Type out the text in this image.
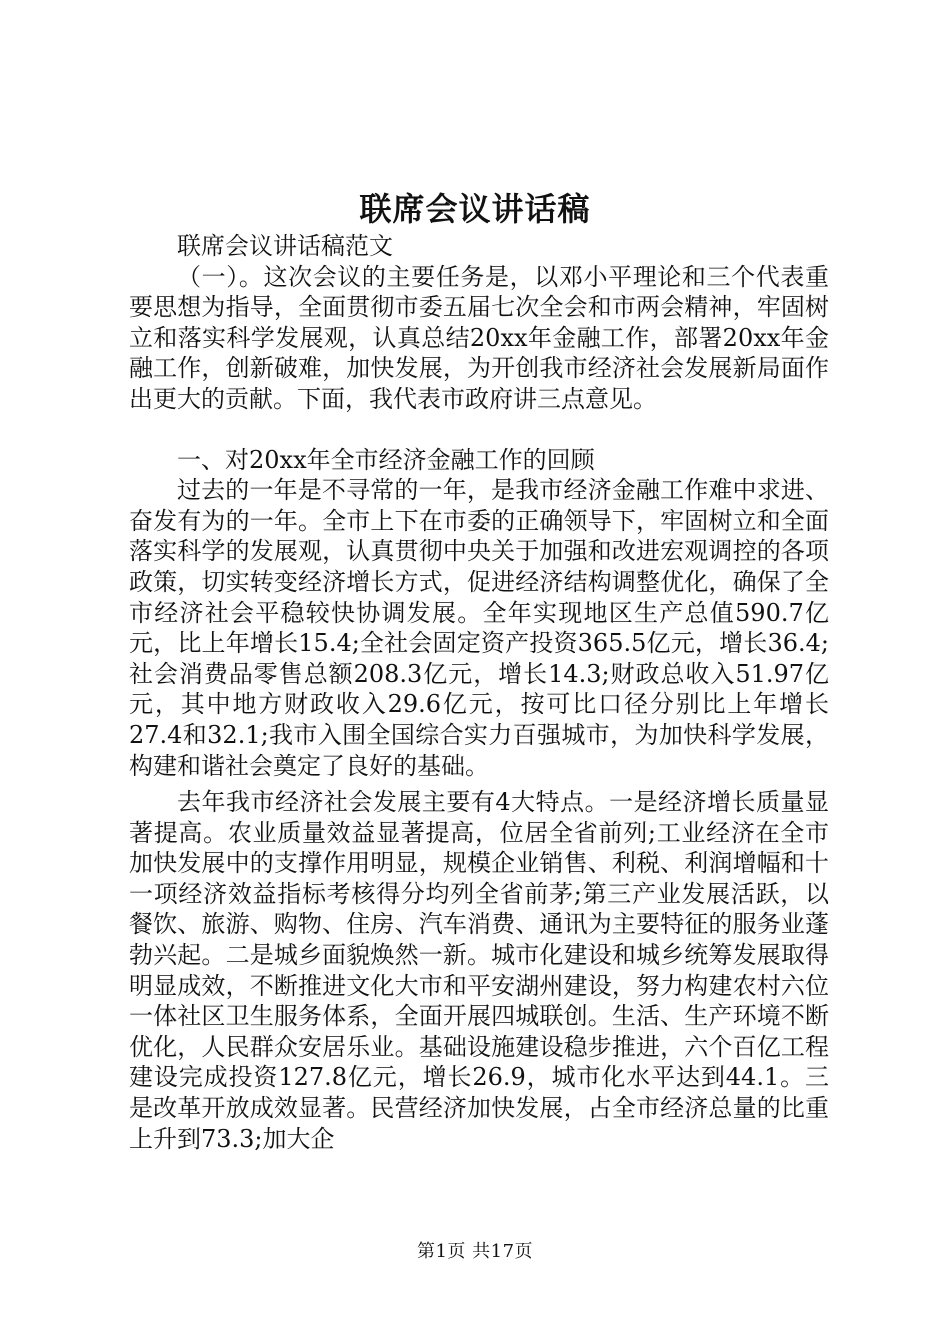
联席会议讲话稿

联席会议讲话稿范文

（一）。这次会议的主要任务是，以邓小平理论和三个代表重要思想为指导，全面贯彻市委五届七次全会和市两会精神，牢固树立和落实科学发展观，认真总结20xx年金融工作，部署20xx年金融工作，创新破难，加快发展，为开创我市经济社会发展新局面作出更大的贡献。下面，我代表市政府讲三点意见。

一、对20xx年全市经济金融工作的回顾

过去的一年是不寻常的一年，是我市经济金融工作难中求进、奋发有为的一年。全市上下在市委的正确领导下，牢固树立和全面落实科学的发展观，认真贯彻中央关于加强和改进宏观调控的各项政策，切实转变经济增长方式，促进经济结构调整优化，确保了全市经济社会平稳较快协调发展。全年实现地区生产总值590.7亿元，比上年增长15.4;全社会固定资产投资365.5亿元，增长36.4;社会消费品零售总额208.3亿元，增长14.3;财政总收入51.97亿元，其中地方财政收入29.6亿元，按可比口径分别比上年增长27.4和32.1;我市入围全国综合实力百强城市，为加快科学发展，构建和谐社会奠定了良好的基础。

去年我市经济社会发展主要有4大特点。一是经济增长质量显著提高。农业质量效益显著提高，位居全省前列;工业经济在全市加快发展中的支撑作用明显，规模企业销售、利税、利润增幅和十一项经济效益指标考核得分均列全省前茅;第三产业发展活跃，以餐饮、旅游、购物、住房、汽车消费、通讯为主要特征的服务业蓬勃兴起。二是城乡面貌焕然一新。城市化建设和城乡统筹发展取得明显成效，不断推进文化大市和平安湖州建设，努力构建农村六位一体社区卫生服务体系，全面开展四城联创。生活、生产环境不断优化，人民群众安居乐业。基础设施建设稳步推进，六个百亿工程建设完成投资127.8亿元，增长26.9，城市化水平达到44.1。三是改革开放成效显著。民营经济加快发展，占全市经济总量的比重上升到73.3;加大企

第1页 共17页
